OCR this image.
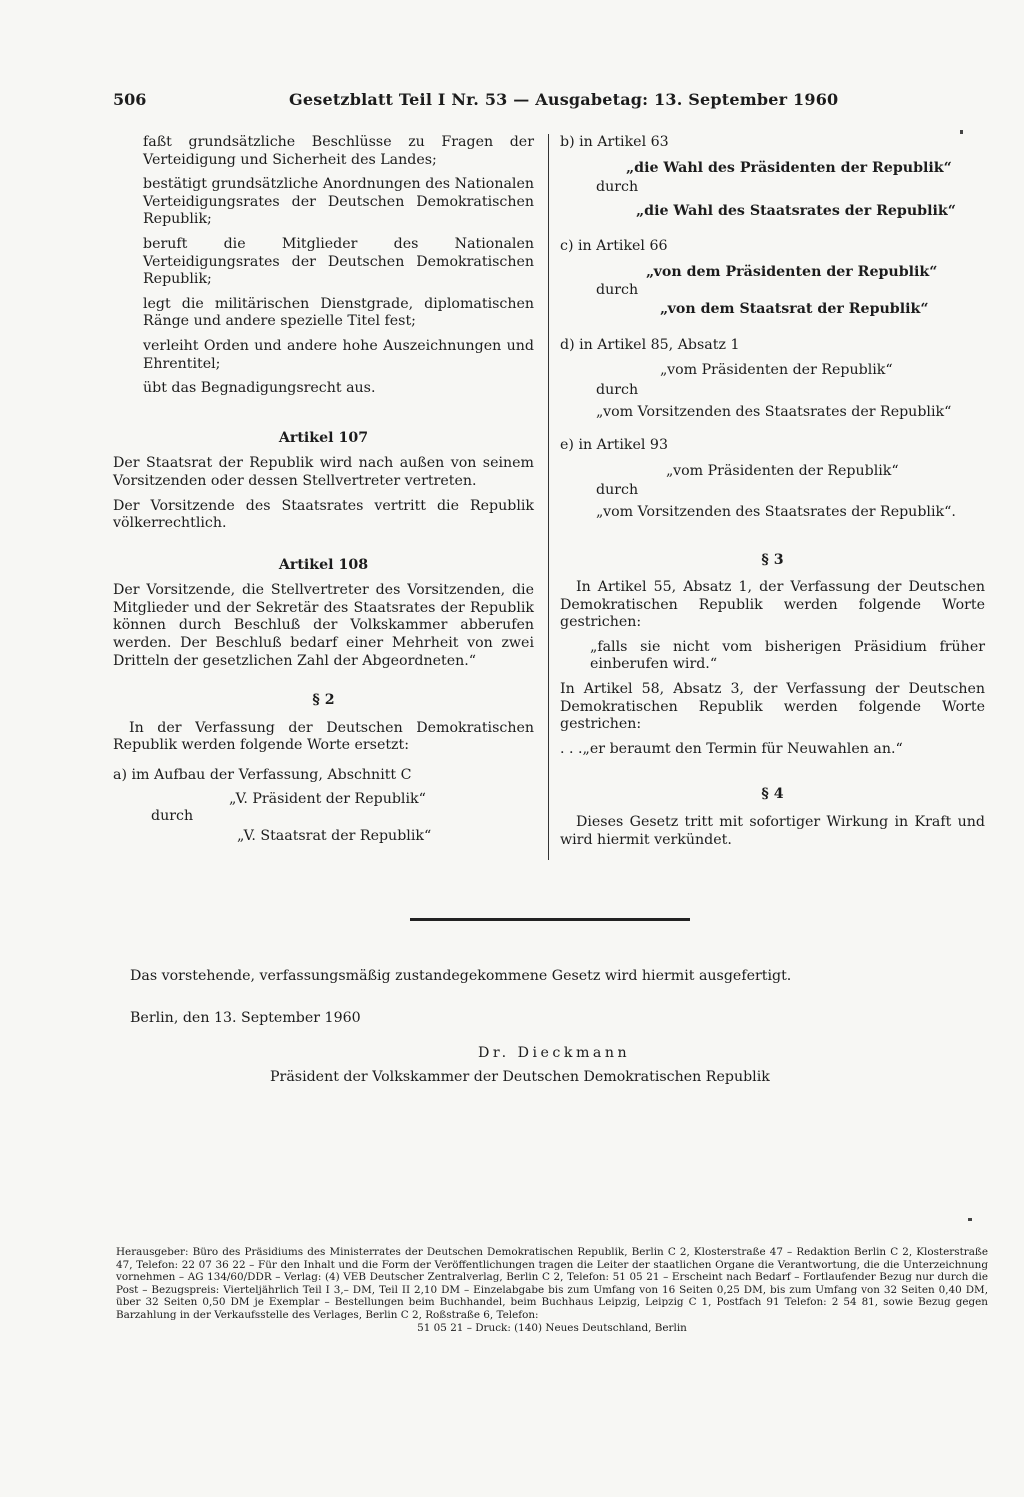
506	Gesetzblatt Teil I Nr. 53 — Ausgabetag: 13. September 1960

faßt grundsätzliche Beschlüsse zu Fragen der Verteidigung und Sicherheit des Landes;

bestätigt grundsätzliche Anordnungen des Nationalen Verteidigungsrates der Deutschen Demokratischen Republik;

beruft die Mitglieder des Nationalen Verteidigungsrates der Deutschen Demokratischen Republik;

legt die militärischen Dienstgrade, diplomatischen Ränge und andere spezielle Titel fest;

verleiht Orden und andere hohe Auszeichnungen und Ehrentitel;

übt das Begnadigungsrecht aus.

Artikel 107

Der Staatsrat der Republik wird nach außen von seinem Vorsitzenden oder dessen Stellvertreter vertreten.

Der Vorsitzende des Staatsrates vertritt die Republik völkerrechtlich.

Artikel 108

Der Vorsitzende, die Stellvertreter des Vorsitzenden, die Mitglieder und der Sekretär des Staatsrates der Republik können durch Beschluß der Volkskammer abberufen werden. Der Beschluß bedarf einer Mehrheit von zwei Dritteln der gesetzlichen Zahl der Abgeordneten.“

§ 2

In der Verfassung der Deutschen Demokratischen Republik werden folgende Worte ersetzt:

a) im Aufbau der Verfassung, Abschnitt C

„V. Präsident der Republik“

durch

„V. Staatsrat der Republik“

b) in Artikel 63

„die Wahl des Präsidenten der Republik“

durch

„die Wahl des Staatsrates der Republik“

c) in Artikel 66

„von dem Präsidenten der Republik“

durch

„von dem Staatsrat der Republik“

d) in Artikel 85, Absatz 1

„vom Präsidenten der Republik“

durch

„vom Vorsitzenden des Staatsrates der Republik“

e) in Artikel 93

„vom Präsidenten der Republik“

durch

„vom Vorsitzenden des Staatsrates der Republik“.

§ 3

In Artikel 55, Absatz 1, der Verfassung der Deutschen Demokratischen Republik werden folgende Worte gestrichen:

„falls sie nicht vom bisherigen Präsidium früher einberufen wird.“

In Artikel 58, Absatz 3, der Verfassung der Deutschen Demokratischen Republik werden folgende Worte gestrichen:

. . .„er beraumt den Termin für Neuwahlen an.“

§ 4

Dieses Gesetz tritt mit sofortiger Wirkung in Kraft und wird hiermit verkündet.

Das vorstehende, verfassungsmäßig zustandegekommene Gesetz wird hiermit ausgefertigt.
Berlin, den 13. September 1960
Dr. Dieckmann
Präsident der Volkskammer der Deutschen Demokratischen Republik
Herausgeber: Büro des Präsidiums des Ministerrates der Deutschen Demokratischen Republik, Berlin C 2, Klosterstraße 47 – Redaktion Berlin C 2, Klosterstraße 47, Telefon: 22 07 36 22 – Für den Inhalt und die Form der Veröffentlichungen tragen die Leiter der staatlichen Organe die Verantwortung, die die Unterzeichnung vornehmen – AG 134/60/DDR – Verlag: (4) VEB Deutscher Zentralverlag, Berlin C 2, Telefon: 51 05 21 – Erscheint nach Bedarf – Fortlaufender Bezug nur durch die Post – Bezugspreis: Vierteljährlich Teil I 3,– DM, Teil II 2,10 DM – Einzelabgabe bis zum Umfang von 16 Seiten 0,25 DM, bis zum Umfang von 32 Seiten 0,40 DM, über 32 Seiten 0,50 DM je Exemplar – Bestellungen beim Buchhandel, beim Buchhaus Leipzig, Leipzig C 1, Postfach 91 Telefon: 2 54 81, sowie Bezug gegen Barzahlung in der Verkaufsstelle des Verlages, Berlin C 2, Roßstraße 6, Telefon:
51 05 21 – Druck: (140) Neues Deutschland, Berlin
